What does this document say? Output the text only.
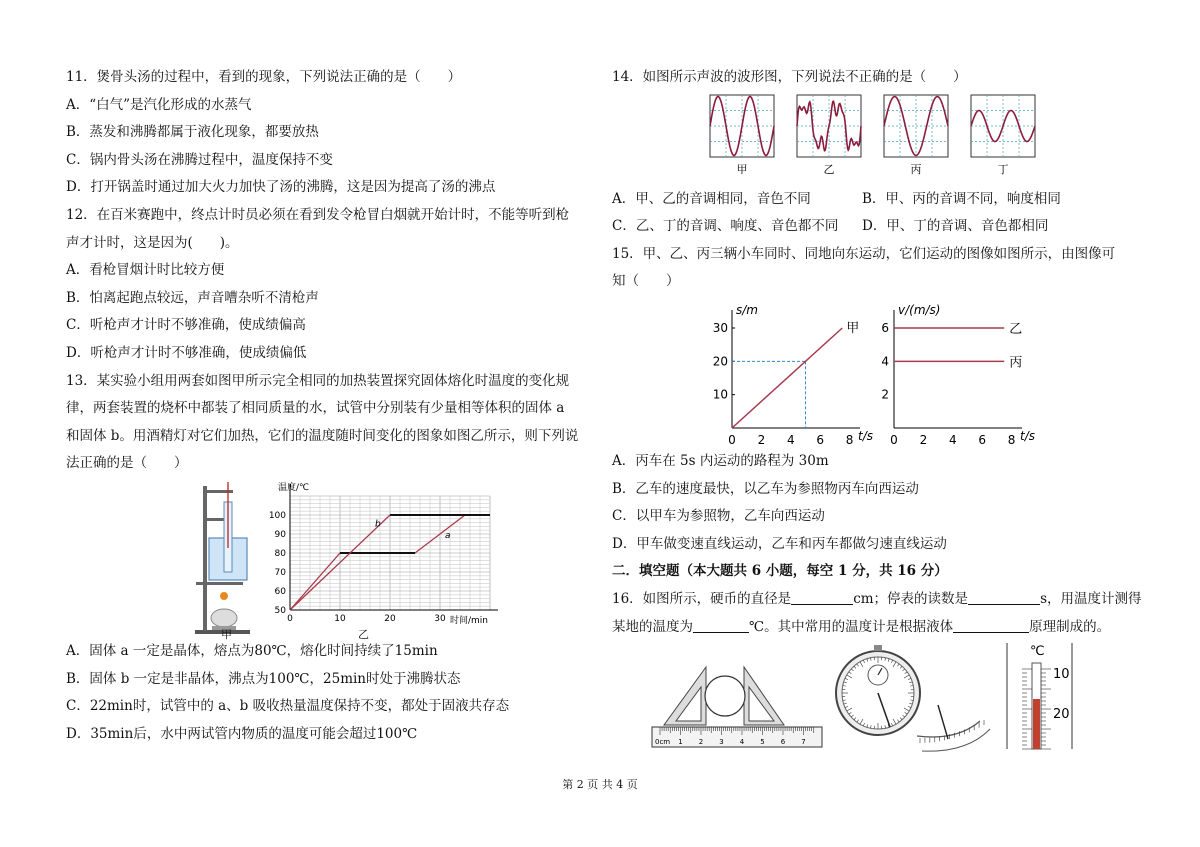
11．煲骨头汤的过程中，看到的现象，下列说法正确的是（　　）
A．“白气”是汽化形成的水蒸气
B．蒸发和沸腾都属于液化现象，都要放热
C．锅内骨头汤在沸腾过程中，温度保持不变
D．打开锅盖时通过加大火力加快了汤的沸腾，这是因为提高了汤的沸点
12．在百米赛跑中，终点计时员必须在看到发令枪冒白烟就开始计时，不能等听到枪
声才计时，这是因为(　　)。
A．看枪冒烟计时比较方便
B．怕离起跑点较远，声音嘈杂听不清枪声
C．听枪声才计时不够准确，使成绩偏高
D．听枪声才计时不够准确，使成绩偏低
13．某实验小组用两套如图甲所示完全相同的加热装置探究固体熔化时温度的变化规
律，两套装置的烧杯中都装了相同质量的水，试管中分别装有少量相等体积的固体 a
和固体 b。用酒精灯对它们加热，它们的温度随时间变化的图象如图乙所示，则下列说
法正确的是（　　）
甲
50
60
70
80
90
100
0	10	20	30
温度/℃
时间/min
b
a
乙
A．固体 a 一定是晶体，熔点为80℃，熔化时间持续了15min
B．固体 b 一定是非晶体，沸点为100℃，25min时处于沸腾状态
C．22min时，试管中的 a、b 吸收热量温度保持不变，都处于固液共存态
D．35min后，水中两试管内物质的温度可能会超过100℃
14．如图所示声波的波形图，下列说法不正确的是（　　）
甲	乙	丙	丁
A．甲、乙的音调相同，音色不同	B．甲、丙的音调不同，响度相同
C．乙、丁的音调、响度、音色都不同 D．甲、丁的音调、音色都相同
15．甲、乙、丙三辆小车同时、同地向东运动，它们运动的图像如图所示，由图像可
知（　　）
s/m
t/s
10
20
30
0 2 4 6 8
甲
v/(m/s)
t/s
2
4
6
0 2 4 6 8
乙
丙
A．丙车在 5s 内运动的路程为 30m
B．乙车的速度最快，以乙车为参照物丙车向西运动
C．以甲车为参照物，乙车向西运动
D．甲车做变速直线运动，乙车和丙车都做匀速直线运动
二．填空题（本大题共 6 小题，每空 1 分，共 16 分）
16．如图所示，硬币的直径是	cm；停表的读数是	s，用温度计测得
某地的温度为	℃。其中常用的温度计是根据液体	原理制成的。
0cm 1 2 3 4 5 6 7
℃
10
20
第 2 页 共 4 页
